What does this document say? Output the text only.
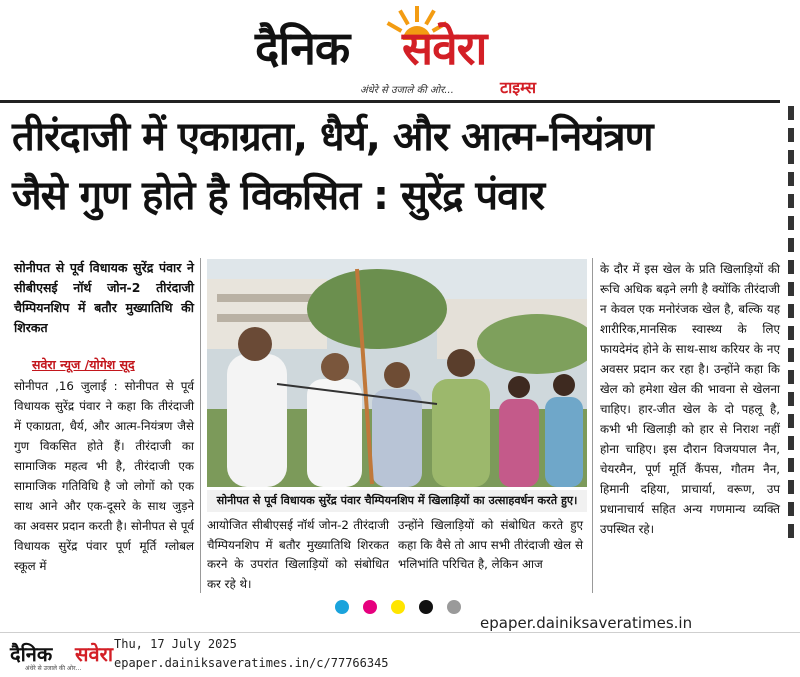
दैनिक सवेरा
अंधेरे से उजाले की ओर...	टाइम्स
तीरंदाजी में एकाग्रता, धैर्य, और आत्म-नियंत्रण
जैसे गुण होते है विकसित : सुरेंद्र पंवार
सोनीपत से पूर्व विधायक सुरेंद्र पंवार ने सीबीएसई नॉर्थ जोन-2 तीरंदाजी चैम्पियनशिप में बतौर मुख्यातिथि की शिरकत
सवेरा न्यूज /योगेश सूद
सोनीपत ,16 जुलाई : सोनीपत से पूर्व विधायक सुरेंद्र पंवार ने कहा कि तीरंदाजी में एकाग्रता, धैर्य, और आत्म-नियंत्रण जैसे गुण विकसित होते हैं। तीरंदाजी का सामाजिक महत्व भी है, तीरंदाजी एक सामाजिक गतिविधि है जो लोगों को एक साथ आने और एक-दूसरे के साथ जुड़ने का अवसर प्रदान करती है। सोनीपत से पूर्व विधायक सुरेंद्र पंवार पूर्ण मूर्ति ग्लोबल स्कूल में
सोनीपत से पूर्व विधायक सुरेंद्र पंवार चैम्पियनशिप में खिलाड़ियों का उत्साहवर्धन करते हुए।
आयोजित सीबीएसई नॉर्थ जोन-2 तीरंदाजी चैम्पियनशिप में बतौर मुख्यातिथि शिरकत करने के उपरांत खिलाड़ियों को संबोधित कर रहे थे।
उन्होंने खिलाड़ियों को संबोधित करते हुए कहा कि वैसे तो आप सभी तीरंदाजी खेल से भलिभांति परिचित है, लेकिन आज
के दौर में इस खेल के प्रति खिलाड़ियों की रूचि अधिक बढ़ने लगी है क्योंकि तीरंदाजी न केवल एक मनोरंजक खेल है, बल्कि यह शारीरिक,मानसिक स्वास्थ्य के लिए फायदेमंद होने के साथ-साथ करियर के नए अवसर प्रदान कर रहा है। उन्होंने कहा कि खेल को हमेशा खेल की भावना से खेलना चाहिए। हार-जीत खेल के दो पहलू है, कभी भी खिलाड़ी को हार से निराश नहीं होना चाहिए। इस दौरान विजयपाल नैन, चेयरमैन, पूर्ण मूर्ति कैंपस, गौतम नैन, हिमानी दहिया, प्राचार्या, वरूण, उप प्रधानाचार्य सहित अन्य गणमान्य व्यक्ति उपस्थित रहे।
epaper.dainiksaveratimes.in
दैनिक सवेरा
अंधेरे से उजाले की ओर...
Thu, 17 July 2025
epaper.dainiksaveratimes.in/c/77766345
